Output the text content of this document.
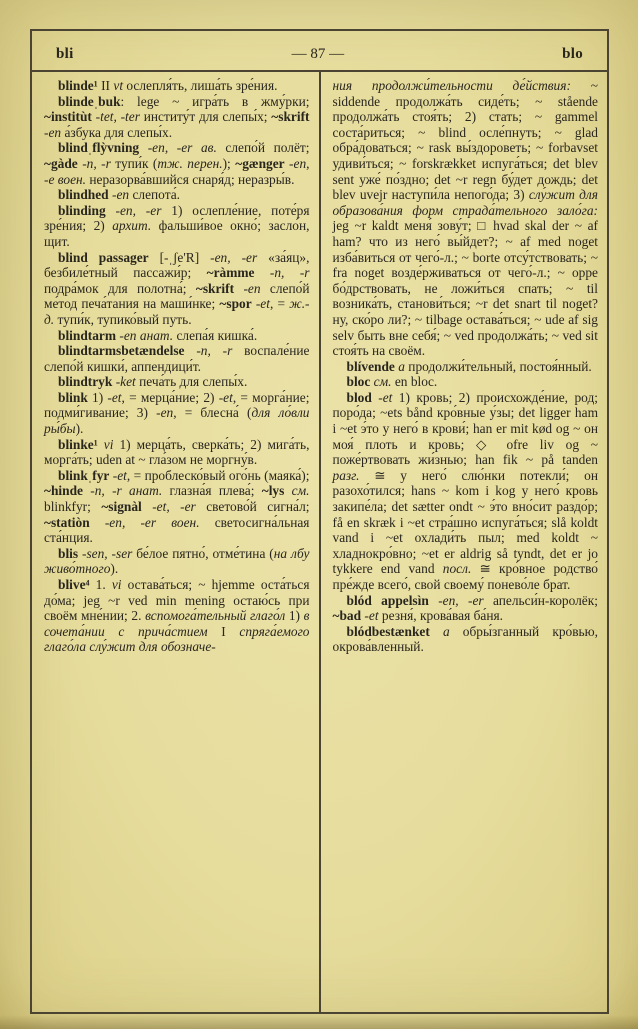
bli	— 87 —	blo

blinde¹ II vt ослепля́ть, лиша́ть зре́ния.

blindeˌbuk: lege ~ игра́ть в жму́рки; ~institùt -tet, -ter институ́т для слепы́х; ~skrift -en а́збука для слепы́х.

blindˌflỳvning -en, -er ав. слепо́й полёт; ~gàde -n, -r тупи́к (тж. перен.); ~gænger -en, -e воен. неразорва́вшийся снаря́д; неразры́в.

blindhed -en слепота́.

blinding -en, -er 1) ослепле́ние, поте́ря зре́ния; 2) архит. фальши́вое окно́; засло́н, щит.

blind passager [-ˌʃe'R] -en, -er «за́яц», безбиле́тный пассажи́р; ~ràmme -n, -r подра́мок для полотна́; ~skrift -en слепо́й ме́тод печа́тания на маши́нке; ~spor -et, = ж.-д. тупи́к, тупико́вый путь.

blindtarm -en анат. слепа́я кишка́.

blindtarmsbetændelse -n, -r воспале́ние слепо́й кишки́, аппендици́т.

blindtryk -ket печа́ть для слепы́х.

blink 1) -et, = мерца́ние; 2) -et, = морга́ние; подми́гивание; 3) -en, = блесна́ (для ло́вли ры́бы).

blinke¹ vi 1) мерца́ть, сверка́ть; 2) мига́ть, морга́ть; uden at ~ гла́зом не моргну́в.

blinkˌfyr -et, = проблеско́вый ого́нь (маяка́); ~hinde -n, -r анат. глазна́я плева́; ~lys см. blinkfyr; ~signàl -et, -er светово́й сигна́л; ~statiòn -en, -er воен. светосигна́льная ста́нция.

blis -sen, -ser бе́лое пятно́, отме́тина (на лбу живо́тного).

blive⁴ 1. vi остава́ться; ~ hjemme оста́ться до́ма; jeg ~r ved min mening остаю́сь при своём мне́нии; 2. вспомога́тельный глаго́л 1) в сочета́нии с прича́стием I спряга́емого глаго́ла слу́жит для обозначе-

ния продолжи́тельности де́йствия: ~ siddende продолжа́ть сиде́ть; ~ stående продолжа́ть стоя́ть; 2) стать; ~ gammel соста́риться; ~ blind осле́пнуть; ~ glad обра́доваться; ~ rask вы́здороветь; ~ forbavset удиви́ться; ~ forskrækket испуга́ться; det blev sent уже́ по́здно; det ~r regn бу́дет дождь; det blev uvejr наступи́ла непого́да; 3) слу́жит для образова́ния форм страда́тельного зало́га: jeg ~r kaldt меня́ зову́т; □ hvad skal der ~ af ham? что из него́ вы́йдет?; ~ af med noget изба́виться от чего́-л.; ~ borte отсу́тствовать; ~ fra noget возде́рживаться от чего́-л.; ~ oppe бо́дрствовать, не ложи́ться спать; ~ til возника́ть, станови́ться; ~r det snart til noget? ну, ско́ро ли?; ~ tilbage остава́ться; ~ ude af sig selv быть вне себя́; ~ ved продолжа́ть; ~ ved sit стоя́ть на своём.

blívende a продолжи́тельный, постоя́нный.

bloc см. en bloc.

blod -et 1) кровь; 2) происхожде́ние, род; поро́да; ~ets bånd кро́вные у́зы; det ligger ham i ~et э́то у него́ в крови́; han er mit kød og ~ он моя́ плоть и кровь; ◇ ofre liv og ~ поже́ртвовать жи́знью; han fik ~ på tanden разг. ≅ у него́ слю́нки потекли́; он разохо́тился; hans ~ kom i kog у него́ кровь закипе́ла; det sætter ondt ~ э́то вно́сит раздо́р; få en skræk i ~et стра́шно испуга́ться; slå koldt vand i ~et охлади́ть пыл; med koldt ~ хладнокро́вно; ~et er aldrig så tyndt, det er jo tykkere end vand посл. ≅ кро́вное родство́ пре́жде всего́, свой своему́ понево́ле брат.

blód appelsìn -en, -er апельси́н-королёк; ~bad -et резня́, крова́вая ба́ня.

blódbestænket a обры́зганный кро́вью, окрова́вленный.
